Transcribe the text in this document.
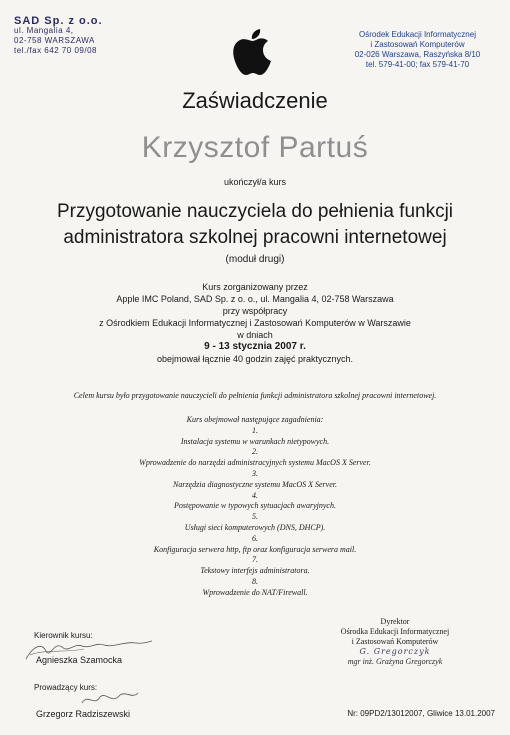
SAD Sp. z o.o.
ul. Mangalia 4,
02-758 WARSZAWA
tel./fax 642 70 09/08
Ośrodek Edukacji Informatycznej
i Zastosowań Komputerów
02-026 Warszawa, Raszyńska 8/10
tel. 579-41-00; fax 579-41-70
Zaświadczenie
Krzysztof Partuś
ukończył/a kurs
Przygotowanie nauczyciela do pełnienia funkcji
administratora szkolnej pracowni internetowej
(moduł drugi)
Kurs zorganizowany przez
Apple IMC Poland, SAD Sp. z o. o., ul. Mangalia 4, 02-758 Warszawa
przy współpracy
z Ośrodkiem Edukacji Informatycznej i Zastosowań Komputerów w Warszawie
w dniach
9 - 13 stycznia 2007 r.
obejmował łącznie 40 godzin zajęć praktycznych.
Celem kursu było przygotowanie nauczycieli do pełnienia funkcji administratora szkolnej pracowni internetowej.
Kurs obejmował następujące zagadnienia:
1.
Instalacja systemu w warunkach nietypowych.
2.
Wprowadzenie do narzędzi administracyjnych systemu MacOS X Server.
3.
Narzędzia diagnostyczne systemu MacOS X Server.
4.
Postępowanie w typowych sytuacjach awaryjnych.
5.
Usługi sieci komputerowych (DNS, DHCP).
6.
Konfiguracja serwera http, ftp oraz konfiguracja serwera mail.
7.
Tekstowy interfejs administratora.
8.
Wprowadzenie do NAT/Firewall.
Kierownik kursu:
Agnieszka Szamocka
Prowadzący kurs:
Grzegorz Radziszewski
Dyrektor
Ośrodka Edukacji Informatycznej
i Zastosowań Komputerów
G. Gregorczyk
mgr inż. Grażyna Gregorczyk
Nr: 09PD2/13012007, Gliwice 13.01.2007
